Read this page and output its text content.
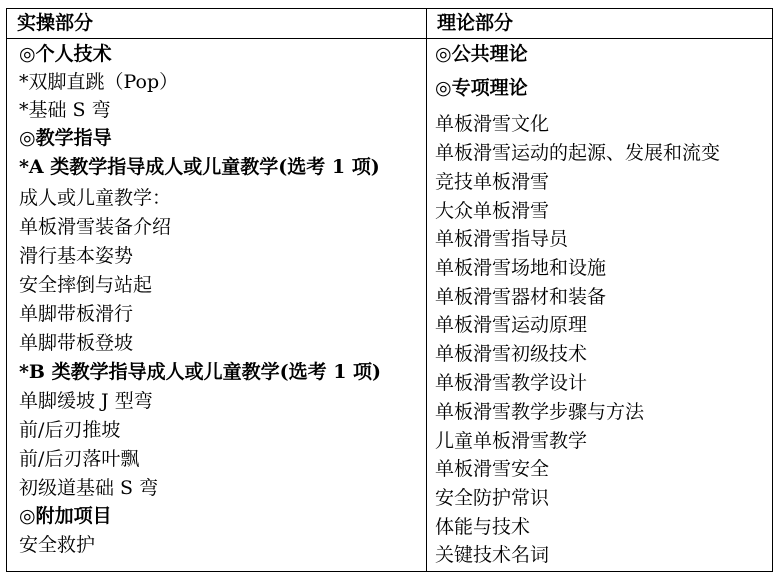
实操部分	理论部分
◎个人技术
*双脚直跳（Pop）
*基础 S 弯
◎教学指导
*A 类教学指导成人或儿童教学(选考 1 项)
成人或儿童教学：
单板滑雪装备介绍
滑行基本姿势
安全摔倒与站起
单脚带板滑行
单脚带板登坡
*B 类教学指导成人或儿童教学(选考 1 项)
单脚缓坡 J 型弯
前/后刃推坡
前/后刃落叶飘
初级道基础 S 弯
◎附加项目
安全救护
◎公共理论
◎专项理论
单板滑雪文化
单板滑雪运动的起源、发展和流变
竞技单板滑雪
大众单板滑雪
单板滑雪指导员
单板滑雪场地和设施
单板滑雪器材和装备
单板滑雪运动原理
单板滑雪初级技术
单板滑雪教学设计
单板滑雪教学步骤与方法
儿童单板滑雪教学
单板滑雪安全
安全防护常识
体能与技术
关键技术名词
